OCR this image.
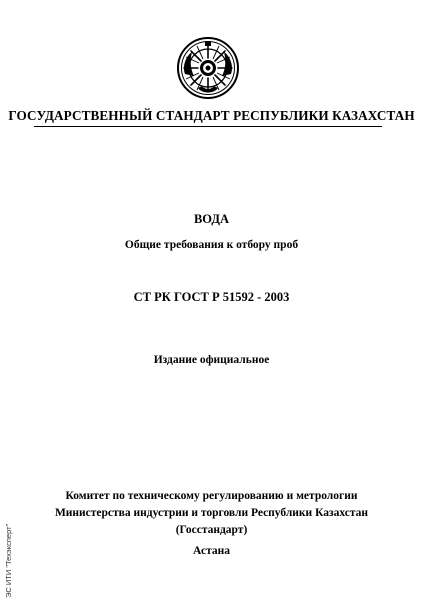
ГОСУДАРСТВЕННЫЙ СТАНДАРТ РЕСПУБЛИКИ КАЗАХСТАН
ВОДА
Общие требования к отбору проб
СТ РК ГОСТ Р 51592 - 2003
Издание официальное
Комитет по техническому регулированию и метрологии
Министерства индустрии и торговли Республики Казахстан
(Госстандарт)
Астана
ЭС ИТИ "Техэксперт"
